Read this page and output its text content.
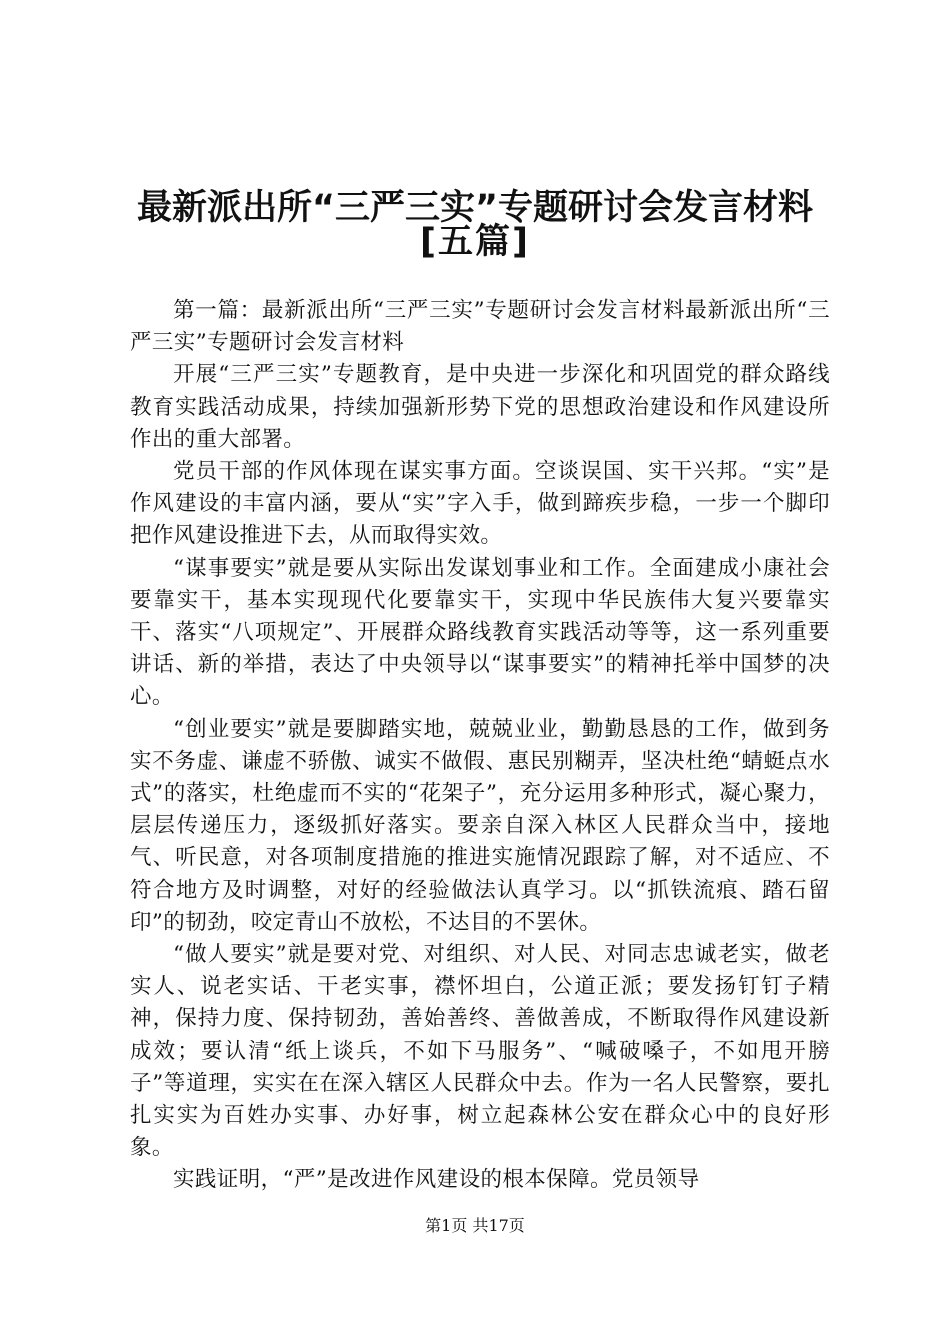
最新派出所“三严三实”专题研讨会发言材料
[五篇]

第一篇：最新派出所“三严三实”专题研讨会发言材料最新派出所“三严三实”专题研讨会发言材料

开展“三严三实”专题教育，是中央进一步深化和巩固党的群众路线教育实践活动成果，持续加强新形势下党的思想政治建设和作风建设所作出的重大部署。

党员干部的作风体现在谋实事方面。空谈误国、实干兴邦。“实”是作风建设的丰富内涵，要从“实”字入手，做到蹄疾步稳，一步一个脚印把作风建设推进下去，从而取得实效。

“谋事要实”就是要从实际出发谋划事业和工作。全面建成小康社会要靠实干，基本实现现代化要靠实干，实现中华民族伟大复兴要靠实干、落实“八项规定”、开展群众路线教育实践活动等等，这一系列重要讲话、新的举措，表达了中央领导以“谋事要实”的精神托举中国梦的决心。

“创业要实”就是要脚踏实地，兢兢业业，勤勤恳恳的工作，做到务实不务虚、谦虚不骄傲、诚实不做假、惠民别糊弄，坚决杜绝“蜻蜓点水式”的落实，杜绝虚而不实的“花架子”，充分运用多种形式，凝心聚力，层层传递压力，逐级抓好落实。要亲自深入林区人民群众当中，接地气、听民意，对各项制度措施的推进实施情况跟踪了解，对不适应、不符合地方及时调整，对好的经验做法认真学习。以“抓铁流痕、踏石留印”的韧劲，咬定青山不放松，不达目的不罢休。

“做人要实”就是要对党、对组织、对人民、对同志忠诚老实，做老实人、说老实话、干老实事，襟怀坦白，公道正派；要发扬钉钉子精神，保持力度、保持韧劲，善始善终、善做善成，不断取得作风建设新成效；要认清“纸上谈兵，不如下马服务”、“喊破嗓子，不如甩开膀子”等道理，实实在在深入辖区人民群众中去。作为一名人民警察，要扎扎实实为百姓办实事、办好事，树立起森林公安在群众心中的良好形象。

实践证明，“严”是改进作风建设的根本保障。党员领导

第1页 共17页
